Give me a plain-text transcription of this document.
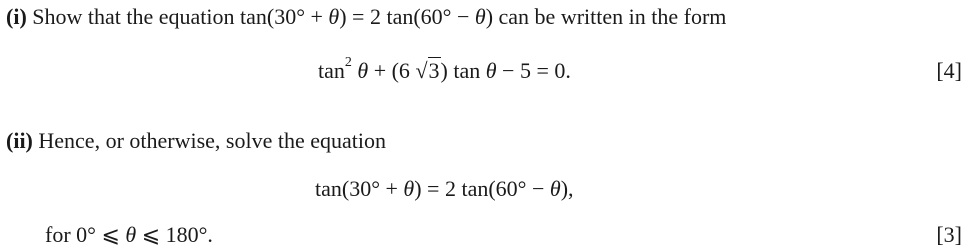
(i) Show that the equation tan(30° + θ) = 2 tan(60° − θ) can be written in the form
$\tan^2 \theta + (6$ √3) tan θ − 5 = 0.	[4]
(ii) Hence, or otherwise, solve the equation
tan(30° + θ) = 2 tan(60° − θ),
for 0° ⩽ θ ⩽ 180°.	[3]
